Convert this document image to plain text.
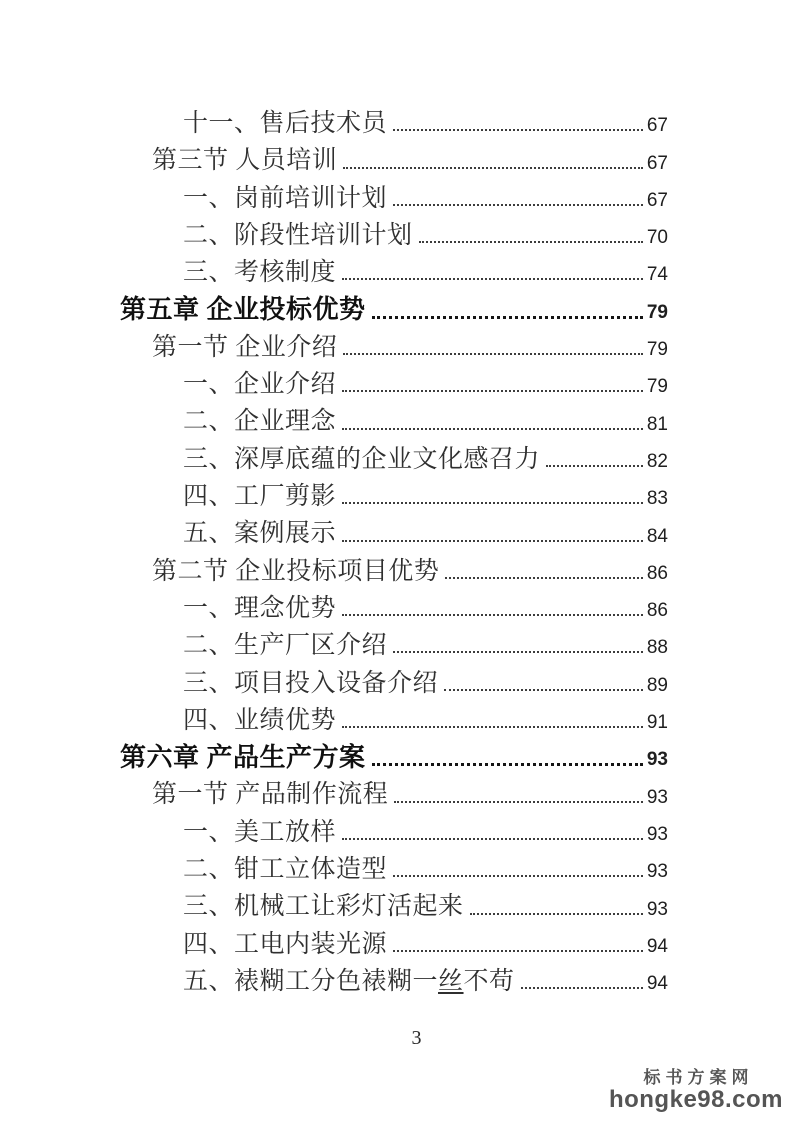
十一、售后技术员	67
第三节 人员培训	67
一、岗前培训计划	67
二、阶段性培训计划	70
三、考核制度	74
第五章 企业投标优势	79
第一节 企业介绍	79
一、企业介绍	79
二、企业理念	81
三、深厚底蕴的企业文化感召力	82
四、工厂剪影	83
五、案例展示	84
第二节 企业投标项目优势	86
一、理念优势	86
二、生产厂区介绍	88
三、项目投入设备介绍	89
四、业绩优势	91
第六章 产品生产方案	93
第一节 产品制作流程	93
一、美工放样	93
二、钳工立体造型	93
三、机械工让彩灯活起来	93
四、工电内装光源	94
五、裱糊工分色裱糊一丝不苟	94
3
标书方案网
hongke98.com
